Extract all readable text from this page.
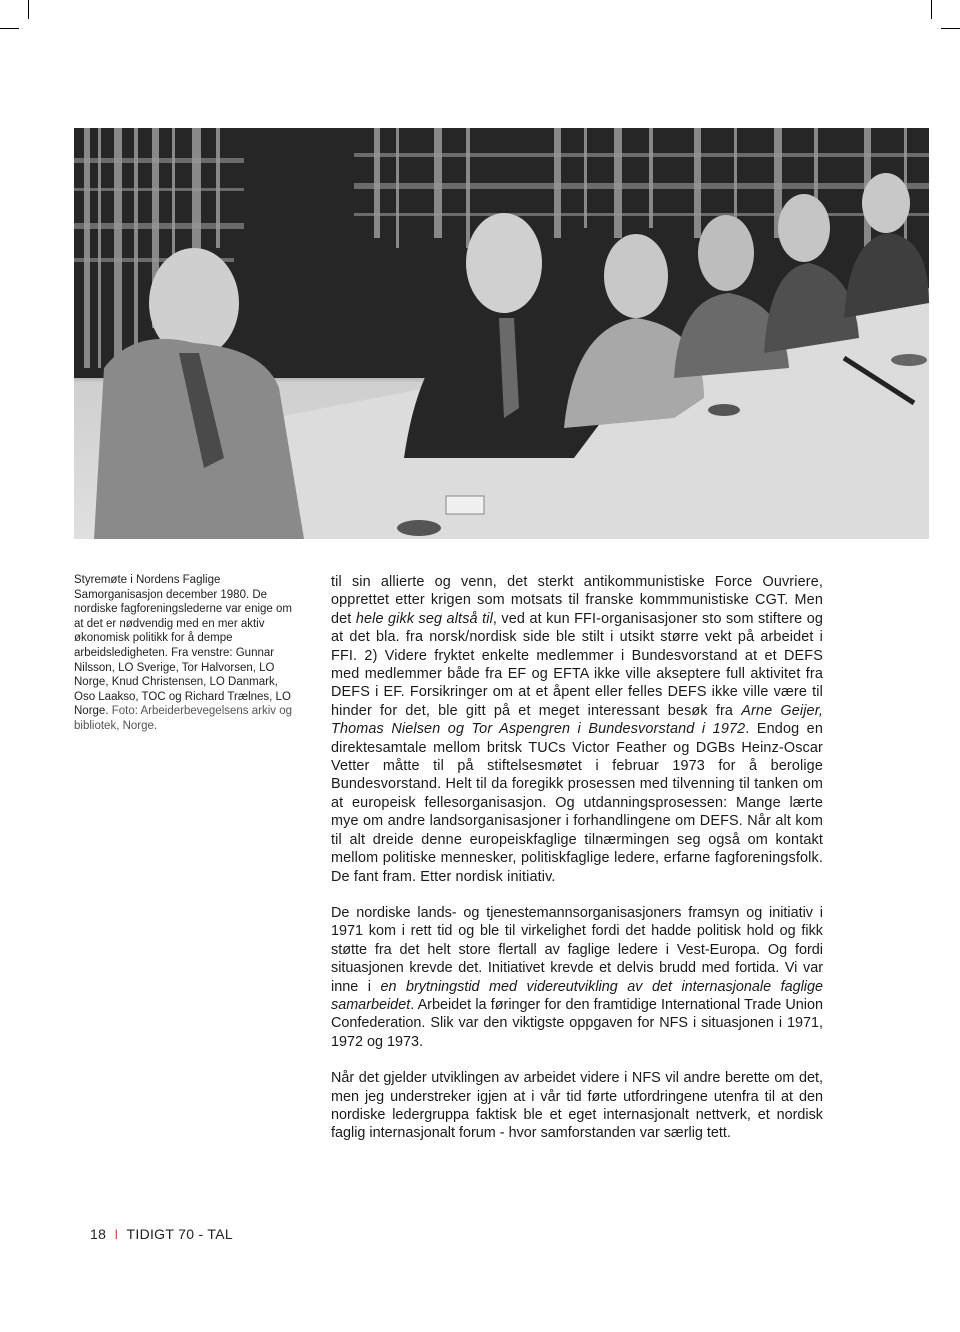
Styremøte i Nordens Faglige Samorganisasjon december 1980. De nordiske fagforeningslederne var enige om at det er nødvendig med en mer aktiv økonomisk politikk for å dempe arbeidsledigheten. Fra venstre: Gunnar Nilsson, LO Sverige, Tor Halvorsen, LO Norge, Knud Christensen, LO Danmark, Oso Laakso, TOC og Richard Trælnes, LO Norge. Foto: Arbeiderbevegelsens arkiv og bibliotek, Norge.

til sin allierte og venn, det sterkt antikommunistiske Force Ouvriere, opprettet etter krigen som motsats til franske kommmunistiske CGT. Men det hele gikk seg altså til, ved at kun FFI-organisasjoner sto som stiftere og at det bla. fra norsk/nordisk side ble stilt i utsikt større vekt på arbeidet i FFI. 2) Videre fryktet enkelte medlemmer i Bundesvorstand at et DEFS med medlemmer både fra EF og EFTA ikke ville akseptere full aktivitet fra DEFS i EF. Forsikringer om at et åpent eller felles DEFS ikke ville være til hinder for det, ble gitt på et meget interessant besøk fra Arne Geijer, Thomas Nielsen og Tor Aspengren i Bundesvorstand i 1972. Endog en direktesamtale mellom britsk TUCs Victor Feather og DGBs Heinz-Oscar Vetter måtte til på stiftelsesmøtet i februar 1973 for å berolige Bundesvorstand. Helt til da foregikk prosessen med tilvenning til tanken om at europeisk fellesorganisasjon. Og utdanningsprosessen: Mange lærte mye om andre landsorganisasjoner i forhandlingene om DEFS. Når alt kom til alt dreide denne europeiskfaglige tilnærmingen seg også om kontakt mellom politiske mennesker, politiskfaglige ledere, erfarne fagforeningsfolk. De fant fram. Etter nordisk initiativ.

De nordiske lands- og tjenestemannsorganisasjoners framsyn og initiativ i 1971 kom i rett tid og ble til virkelighet fordi det hadde politisk hold og fikk støtte fra det helt store flertall av faglige ledere i Vest-Europa. Og fordi situasjonen krevde det. Initiativet krevde et delvis brudd med fortida. Vi var inne i en brytningstid med videreutvikling av det internasjonale faglige samarbeidet. Arbeidet la føringer for den framtidige International Trade Union Confederation. Slik var den viktigste oppgaven for NFS i situasjonen i 1971, 1972 og 1973.

Når det gjelder utviklingen av arbeidet videre i NFS vil andre berette om det, men jeg understreker igjen at i vår tid førte utfordringene utenfra til at den nordiske ledergruppa faktisk ble et eget internasjonalt nettverk, et nordisk faglig internasjonalt forum - hvor samforstanden var særlig tett.

18 I TIDIGT 70 - TAL
